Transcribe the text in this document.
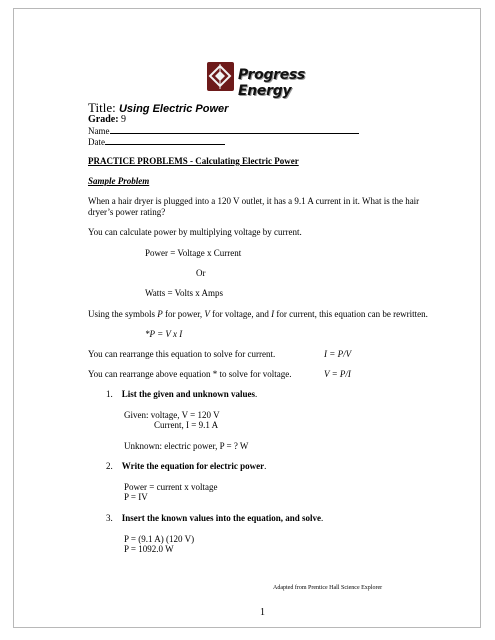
Progress Energy
Title: Using Electric Power
Grade: 9
Name
Date
PRACTICE PROBLEMS - Calculating Electric Power
Sample Problem
When a hair dryer is plugged into a 120 V outlet, it has a 9.1 A current in it. What is the hair
dryer’s power rating?
You can calculate power by multiplying voltage by current.
Power = Voltage x Current
Or
Watts = Volts x Amps
Using the symbols P for power, V for voltage, and I for current, this equation can be rewritten.
*P = V x I
You can rearrange this equation to solve for current.	I = P/V
You can rearrange above equation * to solve for voltage.	V = P/I
1. List the given and unknown values.
Given: voltage, V = 120 V
Current, I = 9.1 A
Unknown: electric power, P = ? W
2. Write the equation for electric power.
Power = current x voltage
P = IV
3. Insert the known values into the equation, and solve.
P = (9.1 A) (120 V)
P = 1092.0 W
Adapted from Prentice Hall Science Explorer
1
